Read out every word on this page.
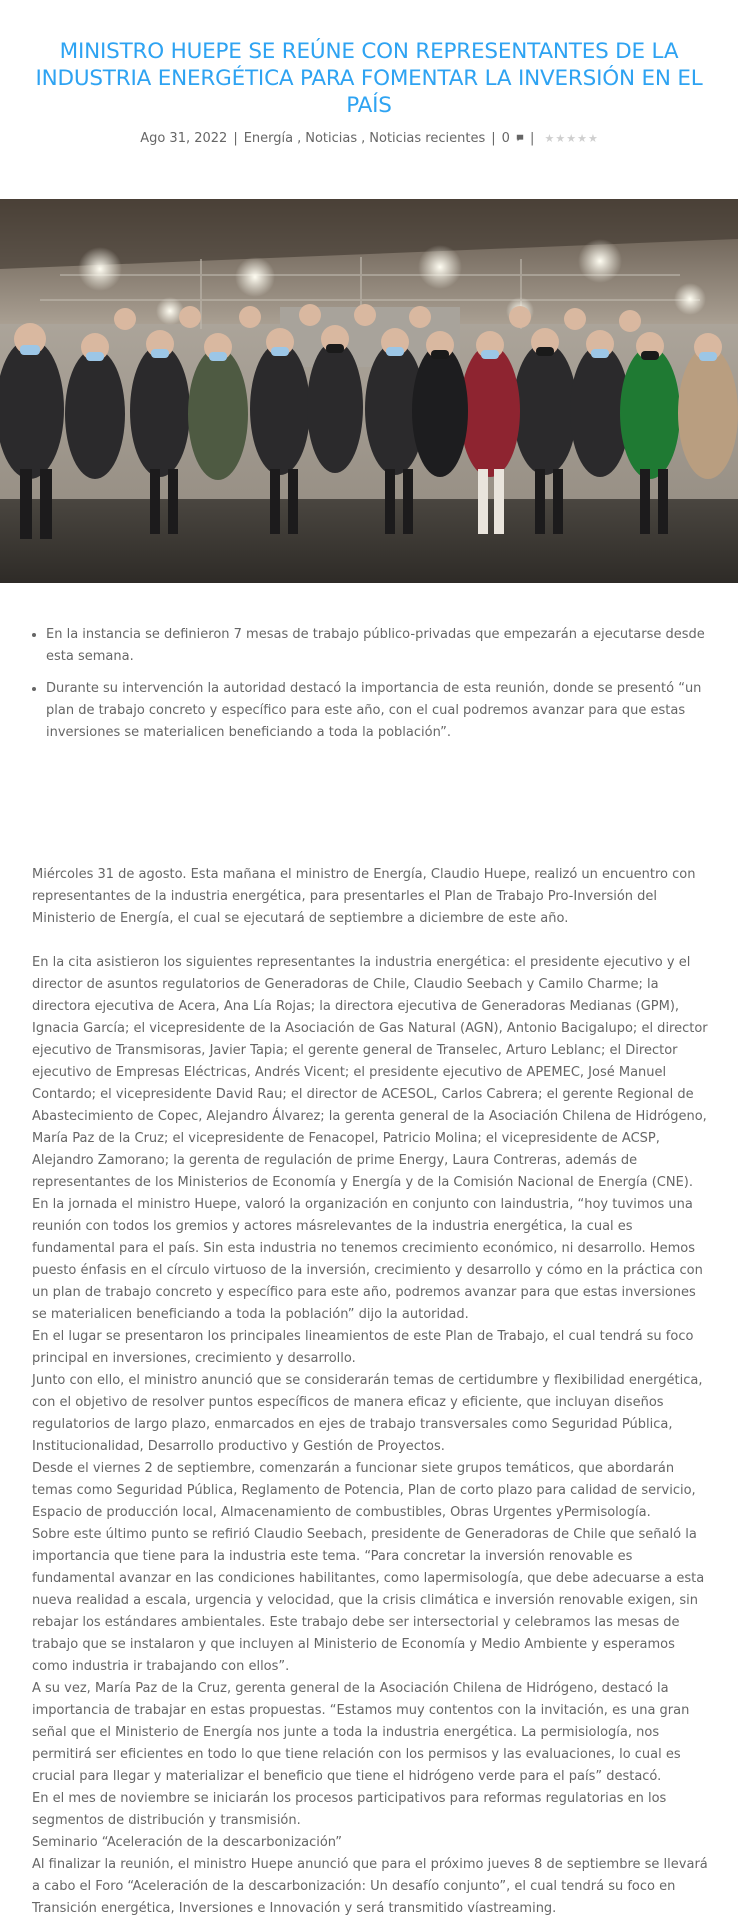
MINISTRO HUEPE SE REÚNE CON REPRESENTANTES DE LA INDUSTRIA ENERGÉTICA PARA FOMENTAR LA INVERSIÓN EN EL PAÍS
Ago 31, 2022 | Energía , Noticias , Noticias recientes | 0	| ★ ★ ★ ★ ★
• En la instancia se definieron 7 mesas de trabajo público-privadas que empezarán a ejecutarse desde esta semana.
• Durante su intervención la autoridad destacó la importancia de esta reunión, donde se presentó “un plan de trabajo concreto y específico para este año, con el cual podremos avanzar para que estas inversiones se materialicen beneficiando a toda la población”.

Miércoles 31 de agosto. Esta mañana el ministro de Energía, Claudio Huepe, realizó un encuentro con representantes de la industria energética, para presentarles el Plan de Trabajo Pro-Inversión del Ministerio de Energía, el cual se ejecutará de septiembre a diciembre de este año.

En la cita asistieron los siguientes representantes la industria energética: el presidente ejecutivo y el director de asuntos regulatorios de Generadoras de Chile, Claudio Seebach y Camilo Charme; la directora ejecutiva de Acera, Ana Lía Rojas; la directora ejecutiva de Generadoras Medianas (GPM), Ignacia García; el vicepresidente de la Asociación de Gas Natural (AGN), Antonio Bacigalupo; el director ejecutivo de Transmisoras, Javier Tapia; el gerente general de Transelec, Arturo Leblanc; el Director ejecutivo de Empresas Eléctricas, Andrés Vicent; el presidente ejecutivo de APEMEC, José Manuel Contardo; el vicepresidente David Rau; el director de ACESOL, Carlos Cabrera; el gerente Regional de Abastecimiento de Copec, Alejandro Álvarez; la gerenta general de la Asociación Chilena de Hidrógeno, María Paz de la Cruz; el vicepresidente de Fenacopel, Patricio Molina; el vicepresidente de ACSP, Alejandro Zamorano; la gerenta de regulación de prime Energy, Laura Contreras, además de representantes de los Ministerios de Economía y Energía y de la Comisión Nacional de Energía (CNE).

En la jornada el ministro Huepe, valoró la organización en conjunto con laindustria, “hoy tuvimos una reunión con todos los gremios y actores másrelevantes de la industria energética, la cual es fundamental para el país. Sin esta industria no tenemos crecimiento económico, ni desarrollo. Hemos puesto énfasis en el círculo virtuoso de la inversión, crecimiento y desarrollo y cómo en la práctica con un plan de trabajo concreto y específico para este año, podremos avanzar para que estas inversiones se materialicen beneficiando a toda la población” dijo la autoridad.

En el lugar se presentaron los principales lineamientos de este Plan de Trabajo, el cual tendrá su foco principal en inversiones, crecimiento y desarrollo.

Junto con ello, el ministro anunció que se considerarán temas de certidumbre y flexibilidad energética, con el objetivo de resolver puntos específicos de manera eficaz y eficiente, que incluyan diseños regulatorios de largo plazo, enmarcados en ejes de trabajo transversales como Seguridad Pública, Institucionalidad, Desarrollo productivo y Gestión de Proyectos.

Desde el viernes 2 de septiembre, comenzarán a funcionar siete grupos temáticos, que abordarán temas como Seguridad Pública, Reglamento de Potencia, Plan de corto plazo para calidad de servicio, Espacio de producción local, Almacenamiento de combustibles, Obras Urgentes yPermisología.

Sobre este último punto se refirió Claudio Seebach, presidente de Generadoras de Chile que señaló la importancia que tiene para la industria este tema. “Para concretar la inversión renovable es fundamental avanzar en las condiciones habilitantes, como lapermisología, que debe adecuarse a esta nueva realidad a escala, urgencia y velocidad, que la crisis climática e inversión renovable exigen, sin rebajar los estándares ambientales. Este trabajo debe ser intersectorial y celebramos las mesas de trabajo que se instalaron y que incluyen al Ministerio de Economía y Medio Ambiente y esperamos como industria ir trabajando con ellos”.

A su vez, María Paz de la Cruz, gerenta general de la Asociación Chilena de Hidrógeno, destacó la importancia de trabajar en estas propuestas. “Estamos muy contentos con la invitación, es una gran señal que el Ministerio de Energía nos junte a toda la industria energética. La permisiología, nos permitirá ser eficientes en todo lo que tiene relación con los permisos y las evaluaciones, lo cual es crucial para llegar y materializar el beneficio que tiene el hidrógeno verde para el país” destacó.

En el mes de noviembre se iniciarán los procesos participativos para reformas regulatorias en los segmentos de distribución y transmisión.

Seminario “Aceleración de la descarbonización”

Al finalizar la reunión, el ministro Huepe anunció que para el próximo jueves 8 de septiembre se llevará a cabo el Foro “Aceleración de la descarbonización: Un desafío conjunto”, el cual tendrá su foco en Transición energética, Inversiones e Innovación y será transmitido víastreaming.
